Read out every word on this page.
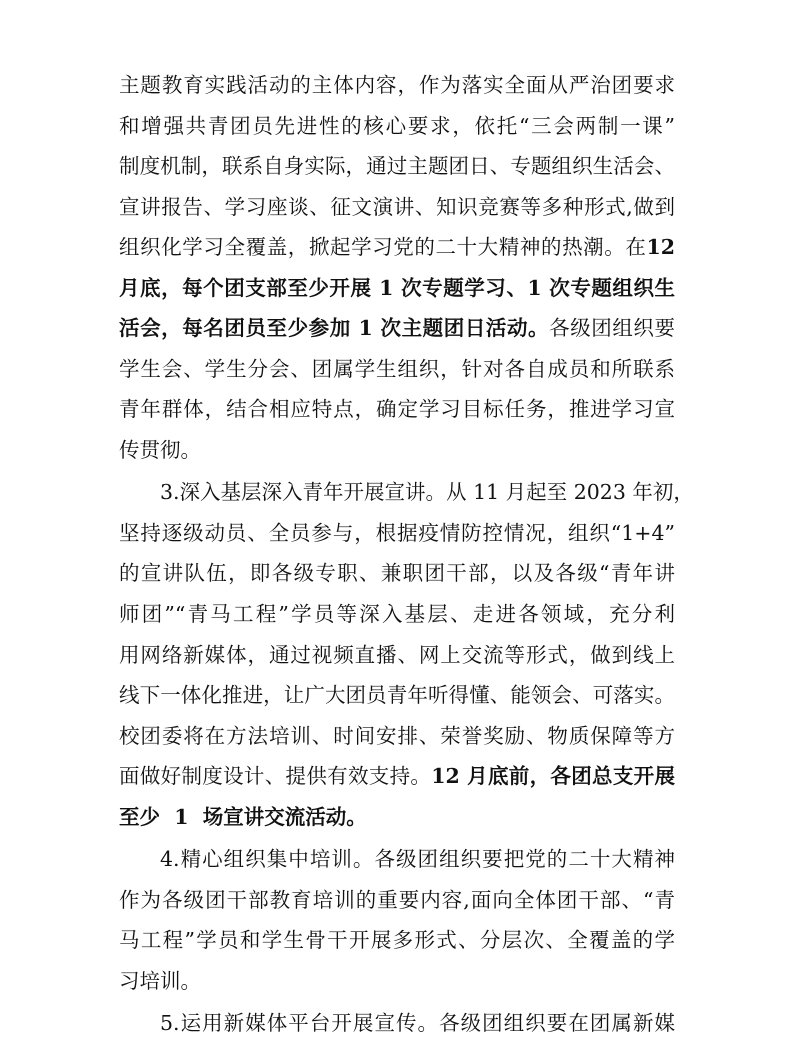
主题教育实践活动的主体内容，作为落实全面从严治团要求
和增强共青团员先进性的核心要求，依托“三会两制一课”
制度机制，联系自身实际，通过主题团日、专题组织生活会、
宣讲报告、学习座谈、征文演讲、知识竞赛等多种形式,做到
组织化学习全覆盖，掀起学习党的二十大精神的热潮。在12
月底，每个团支部至少开展 1 次专题学习、1 次专题组织生
活会，每名团员至少参加 1 次主题团日活动。各级团组织要
学生会、学生分会、团属学生组织，针对各自成员和所联系
青年群体，结合相应特点，确定学习目标任务，推进学习宣
传贯彻。
3.深入基层深入青年开展宣讲。从 11 月起至 2023 年初，
坚持逐级动员、全员参与，根据疫情防控情况，组织“1+4”
的宣讲队伍，即各级专职、兼职团干部，以及各级“青年讲
师团”“青马工程”学员等深入基层、走进各领域，充分利
用网络新媒体，通过视频直播、网上交流等形式，做到线上
线下一体化推进，让广大团员青年听得懂、能领会、可落实。
校团委将在方法培训、时间安排、荣誉奖励、物质保障等方
面做好制度设计、提供有效支持。12 月底前，各团总支开展
至少  1  场宣讲交流活动。
4.精心组织集中培训。各级团组织要把党的二十大精神
作为各级团干部教育培训的重要内容,面向全体团干部、“青
马工程”学员和学生骨干开展多形式、分层次、全覆盖的学
习培训。
5.运用新媒体平台开展宣传。各级团组织要在团属新媒
